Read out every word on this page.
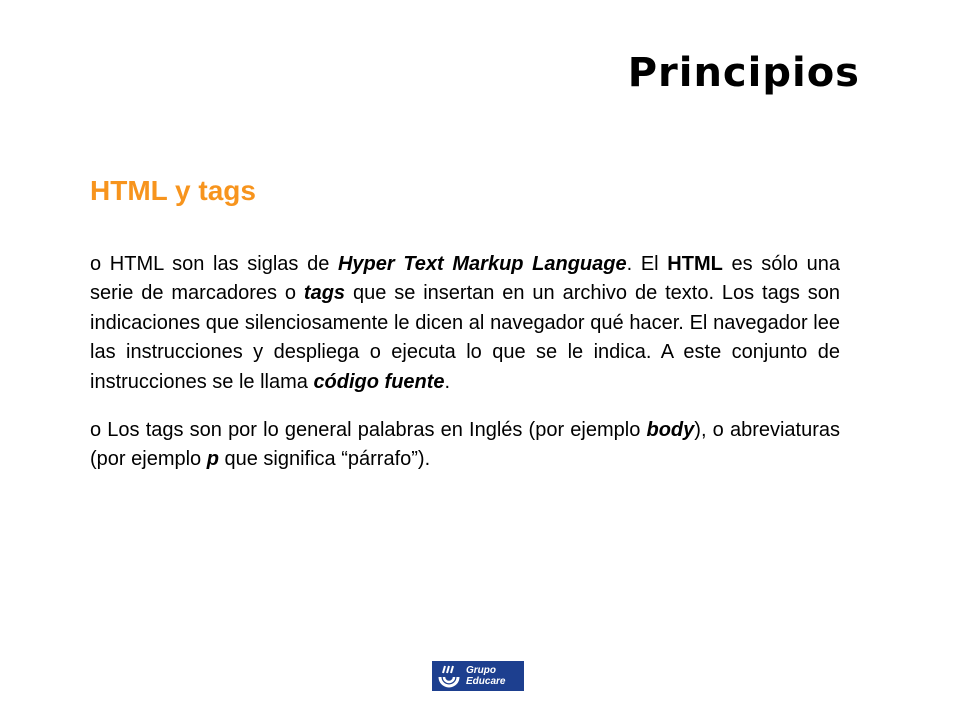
Principios
HTML y tags

o HTML son las siglas de Hyper Text Markup Language. El HTML es sólo una serie de marcadores o tags que se insertan en un archivo de texto. Los tags son indicaciones que silenciosamente le dicen al navegador qué hacer. El navegador lee las instrucciones y despliega o ejecuta lo que se le indica. A este conjunto de instrucciones se le llama código fuente.

o Los tags son por lo general palabras en Inglés (por ejemplo body), o abreviaturas (por ejemplo p que significa “párrafo”).

Grupo
Educare
